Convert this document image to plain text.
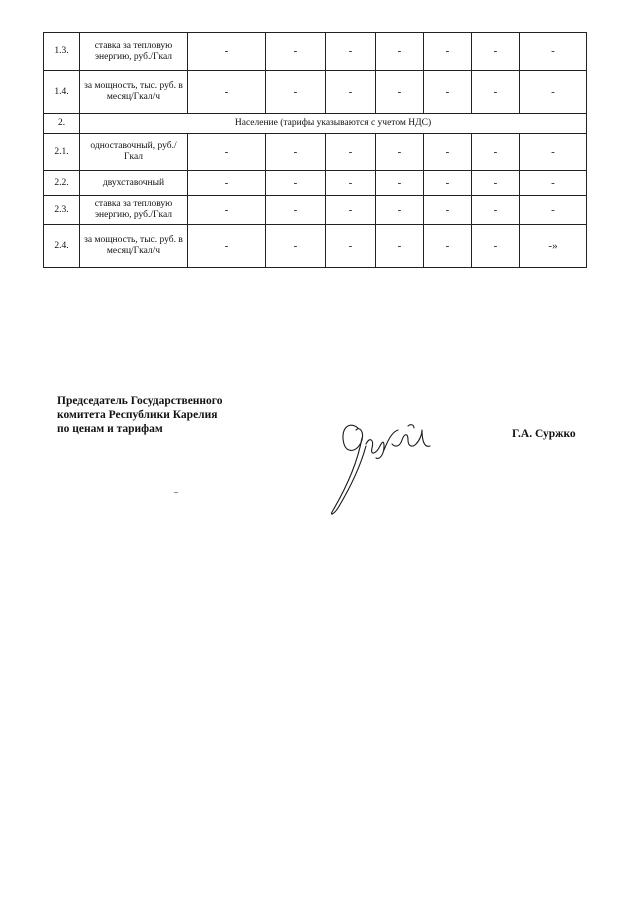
1.3.	ставка за тепловую энергию, руб./Гкал	-	-	-	-	-	-	-
1.4.	за мощность, тыс. руб. в месяц/Гкал/ч	-	-	-	-	-	-	-
2.	Население (тарифы указываются с учетом НДС)							
2.1.	одноставочный, руб./Гкал	-	-	-	-	-	-	-
2.2.	двухставочный	-	-	-	-	-	-	-
2.3.	ставка за тепловую энергию, руб./Гкал	-	-	-	-	-	-	-
2.4.	за мощность, тыс. руб. в месяц/Гкал/ч	-	-	-	-	-	-	-»
Председатель Государственного
комитета Республики Карелия
по ценам и тарифам	Г.А. Суржко
